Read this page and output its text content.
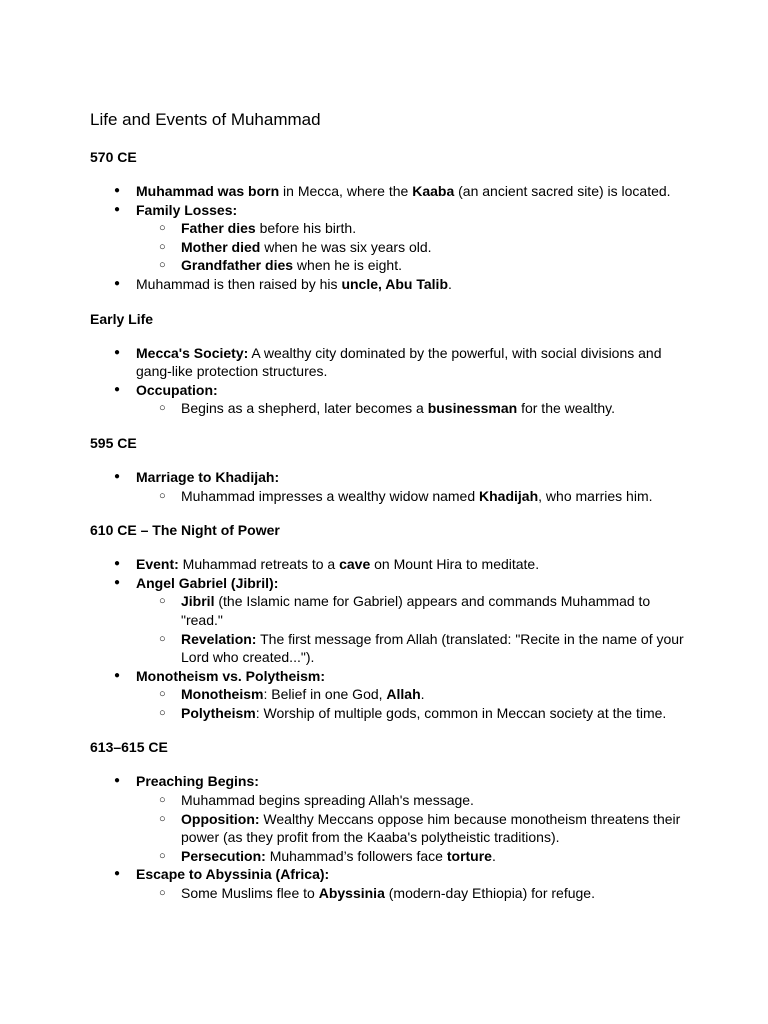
Life and Events of Muhammad
570 CE
● Muhammad was born in Mecca, where the Kaaba (an ancient sacred site) is located.
● Family Losses:
○ Father dies before his birth.
○ Mother died when he was six years old.
○ Grandfather dies when he is eight.
● Muhammad is then raised by his uncle, Abu Talib.
Early Life
● Mecca's Society: A wealthy city dominated by the powerful, with social divisions and gang-like protection structures.
● Occupation:
○ Begins as a shepherd, later becomes a businessman for the wealthy.
595 CE
● Marriage to Khadijah:
○ Muhammad impresses a wealthy widow named Khadijah, who marries him.
610 CE – The Night of Power
● Event: Muhammad retreats to a cave on Mount Hira to meditate.
● Angel Gabriel (Jibril):
○ Jibril (the Islamic name for Gabriel) appears and commands Muhammad to "read."
○ Revelation: The first message from Allah (translated: "Recite in the name of your Lord who created...").
● Monotheism vs. Polytheism:
○ Monotheism: Belief in one God, Allah.
○ Polytheism: Worship of multiple gods, common in Meccan society at the time.
613–615 CE
● Preaching Begins:
○ Muhammad begins spreading Allah's message.
○ Opposition: Wealthy Meccans oppose him because monotheism threatens their power (as they profit from the Kaaba's polytheistic traditions).
○ Persecution: Muhammad’s followers face torture.
● Escape to Abyssinia (Africa):
○ Some Muslims flee to Abyssinia (modern-day Ethiopia) for refuge.
